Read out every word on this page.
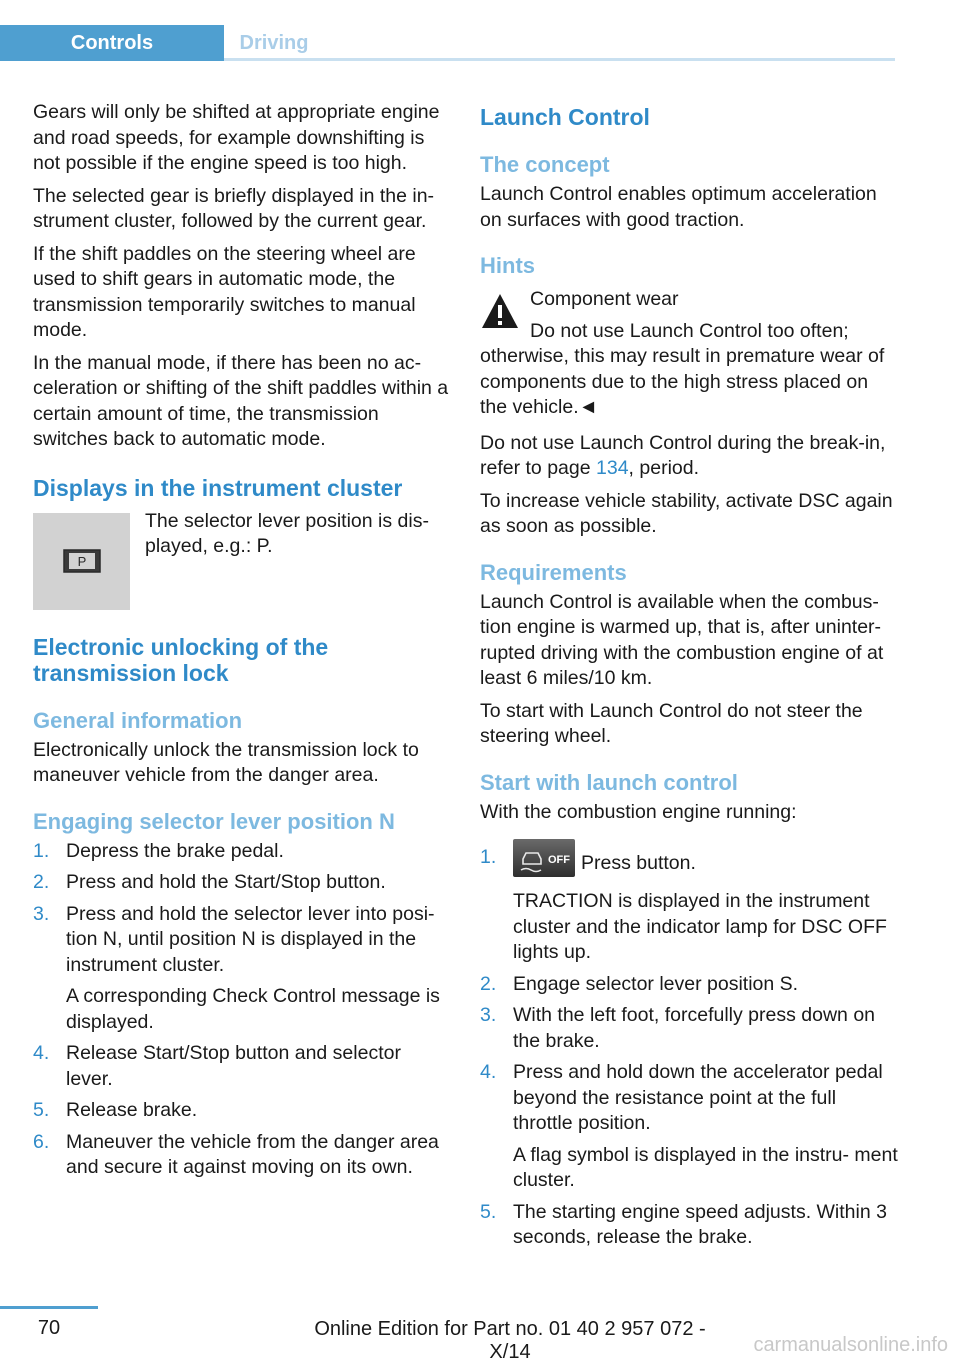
Controls	Driving

Gears will only be shifted at appropriate engine and road speeds, for example downshifting is not possible if the engine speed is too high.

The selected gear is briefly displayed in the in‐ strument cluster, followed by the current gear.

If the shift paddles on the steering wheel are used to shift gears in automatic mode, the transmission temporarily switches to manual mode.

In the manual mode, if there has been no ac‐ celeration or shifting of the shift paddles within a certain amount of time, the transmission switches back to automatic mode.

Displays in the instrument cluster
P

The selector lever position is dis‐ played, e.g.: P.

Electronic unlocking of the transmission lock
General information

Electronically unlock the transmission lock to maneuver vehicle from the danger area.

Engaging selector lever position N
1. Depress the brake pedal.
2. Press and hold the Start/Stop button.
3. Press and hold the selector lever into posi‐ tion N, until position N is displayed in the instrument cluster.
A corresponding Check Control message is displayed.
4. Release Start/Stop button and selector lever.
5. Release brake.
6. Maneuver the vehicle from the danger area and secure it against moving on its own.
Launch Control
The concept

Launch Control enables optimum acceleration on surfaces with good traction.

Hints
Component wear
Do not use Launch Control too often;

otherwise, this may result in premature wear of components due to the high stress placed on the vehicle.◄

Do not use Launch Control during the break-in, refer to page 134, period.

To increase vehicle stability, activate DSC again as soon as possible.

Requirements

Launch Control is available when the combus‐ tion engine is warmed up, that is, after uninter‐ rupted driving with the combustion engine of at least 6 miles/10 km.

To start with Launch Control do not steer the steering wheel.

Start with launch control

With the combustion engine running:

1.	OFF Press button.
TRACTION is displayed in the instrument cluster and the indicator lamp for DSC OFF lights up.
2. Engage selector lever position S.
3. With the left foot, forcefully press down on the brake.
4. Press and hold down the accelerator pedal beyond the resistance point at the full throttle position.
A flag symbol is displayed in the instru‐ ment cluster.
5. The starting engine speed adjusts. Within 3 seconds, release the brake.
70	Online Edition for Part no. 01 40 2 957 072 - X/14	carmanualsonline.info
